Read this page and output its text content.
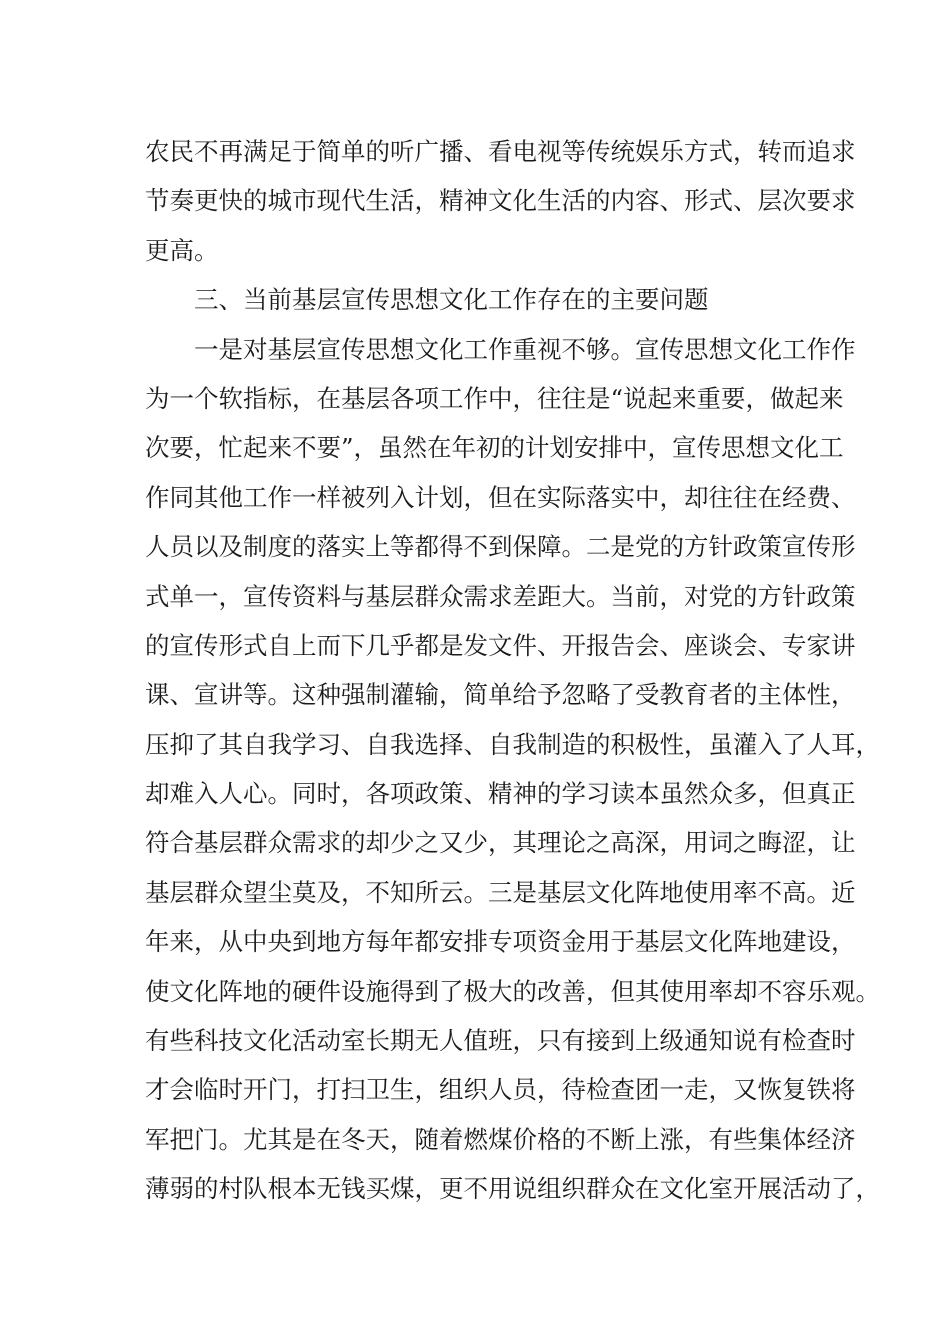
农民不再满足于简单的听广播、看电视等传统娱乐方式，转而追求
节奏更快的城市现代生活，精神文化生活的内容、形式、层次要求
更高。
三、当前基层宣传思想文化工作存在的主要问题
一是对基层宣传思想文化工作重视不够。宣传思想文化工作作
为一个软指标，在基层各项工作中，往往是“说起来重要，做起来
次要，忙起来不要”，虽然在年初的计划安排中，宣传思想文化工
作同其他工作一样被列入计划，但在实际落实中，却往往在经费、
人员以及制度的落实上等都得不到保障。二是党的方针政策宣传形
式单一，宣传资料与基层群众需求差距大。当前，对党的方针政策
的宣传形式自上而下几乎都是发文件、开报告会、座谈会、专家讲
课、宣讲等。这种强制灌输，简单给予忽略了受教育者的主体性，
压抑了其自我学习、自我选择、自我制造的积极性，虽灌入了人耳，
却难入人心。同时，各项政策、精神的学习读本虽然众多，但真正
符合基层群众需求的却少之又少，其理论之高深，用词之晦涩，让
基层群众望尘莫及，不知所云。三是基层文化阵地使用率不高。近
年来，从中央到地方每年都安排专项资金用于基层文化阵地建设，
使文化阵地的硬件设施得到了极大的改善，但其使用率却不容乐观。
有些科技文化活动室长期无人值班，只有接到上级通知说有检查时
才会临时开门，打扫卫生，组织人员，待检查团一走，又恢复铁将
军把门。尤其是在冬天，随着燃煤价格的不断上涨，有些集体经济
薄弱的村队根本无钱买煤，更不用说组织群众在文化室开展活动了，
